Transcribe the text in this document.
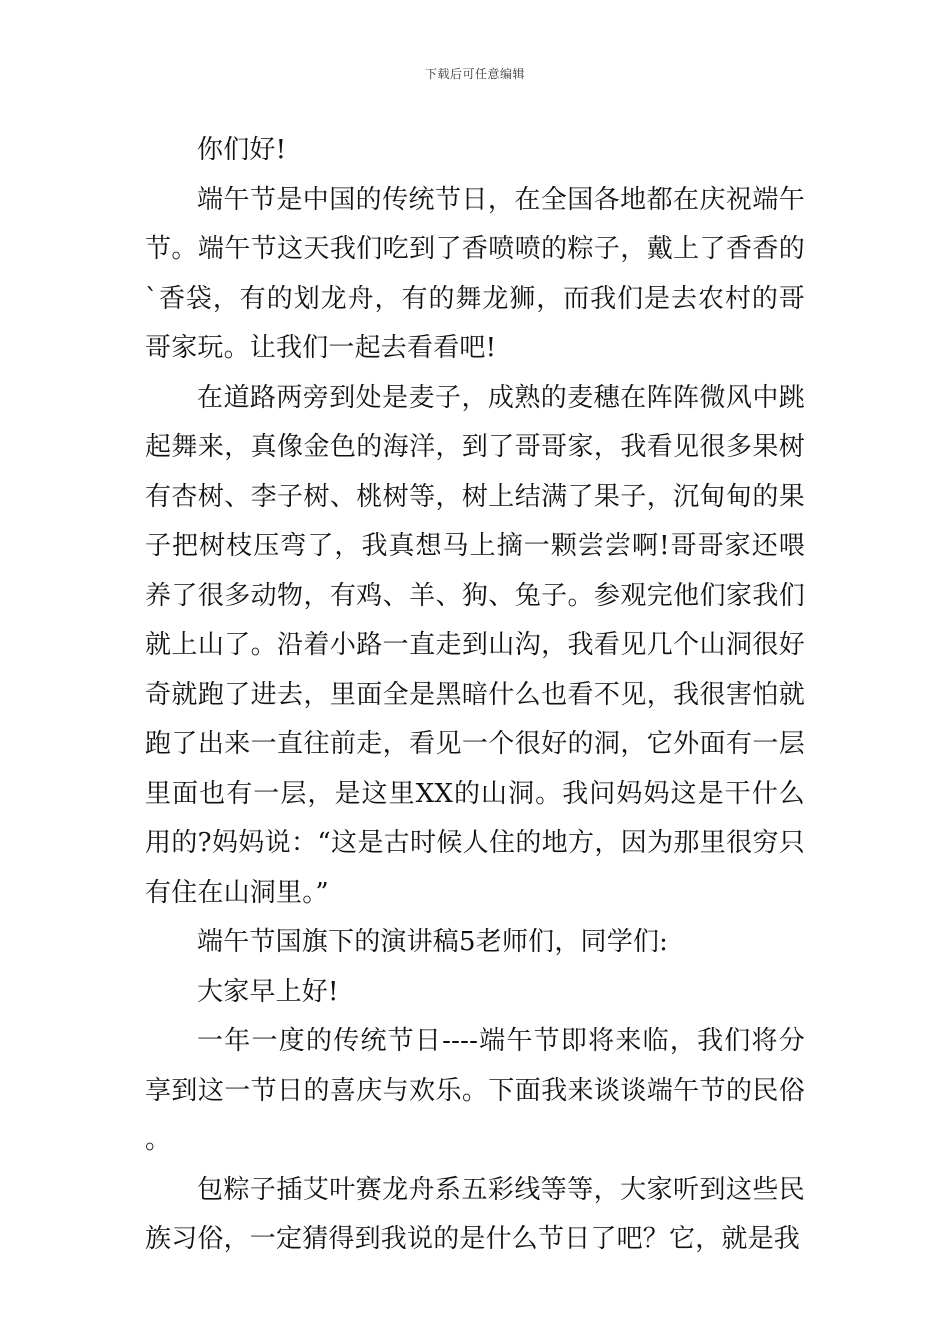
下载后可任意编辑

你们好!

端午节是中国的传统节日，在全国各地都在庆祝端午节。端午节这天我们吃到了香喷喷的粽子，戴上了香香的`香袋，有的划龙舟，有的舞龙狮，而我们是去农村的哥哥家玩。让我们一起去看看吧!

在道路两旁到处是麦子，成熟的麦穗在阵阵微风中跳起舞来，真像金色的海洋，到了哥哥家，我看见很多果树有杏树、李子树、桃树等，树上结满了果子，沉甸甸的果子把树枝压弯了，我真想马上摘一颗尝尝啊!哥哥家还喂养了很多动物，有鸡、羊、狗、兔子。参观完他们家我们就上山了。沿着小路一直走到山沟，我看见几个山洞很好奇就跑了进去，里面全是黑暗什么也看不见，我很害怕就跑了出来一直往前走，看见一个很好的洞，它外面有一层里面也有一层，是这里XX的山洞。我问妈妈这是干什么用的?妈妈说：“这是古时候人住的地方，因为那里很穷只有住在山洞里。”

端午节国旗下的演讲稿5老师们，同学们:

大家早上好!

一年一度的传统节日----端午节即将来临，我们将分享到这一节日的喜庆与欢乐。下面我来谈谈端午节的民俗。

包粽子插艾叶赛龙舟系五彩线等等，大家听到这些民族习俗，一定猜得到我说的是什么节日了吧？它，就是我
